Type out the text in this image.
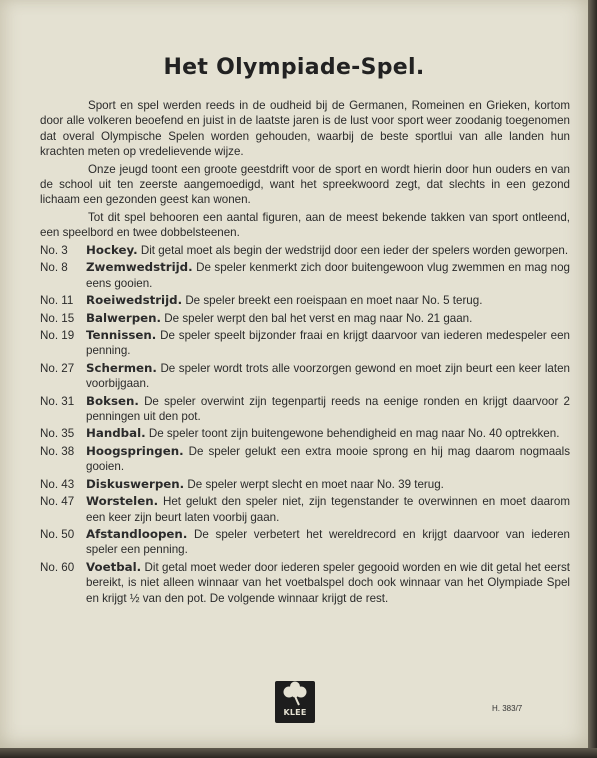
Het Olympiade-Spel.

Sport en spel werden reeds in de oudheid bij de Germanen, Romeinen en Grieken, kortom door alle volkeren beoefend en juist in de laatste jaren is de lust voor sport weer zoodanig toegenomen dat overal Olympische Spelen worden gehouden, waarbij de beste sportlui van alle landen hun krachten meten op vredelievende wijze.

Onze jeugd toont een groote geestdrift voor de sport en wordt hierin door hun ouders en van de school uit ten zeerste aangemoedigd, want het spreekwoord zegt, dat slechts in een gezond lichaam een gezonden geest kan wonen.

Tot dit spel behooren een aantal figuren, aan de meest bekende takken van sport ontleend, een speelbord en twee dobbelsteenen.

No. 3	Hockey. Dit getal moet als begin der wedstrijd door een ieder der spelers worden geworpen.
No. 8	Zwemwedstrijd. De speler kenmerkt zich door buitengewoon vlug zwemmen en mag nog eens gooien.
No. 11	Roeiwedstrijd. De speler breekt een roeispaan en moet naar No. 5 terug.
No. 15	Balwerpen. De speler werpt den bal het verst en mag naar No. 21 gaan.
No. 19	Tennissen. De speler speelt bijzonder fraai en krijgt daarvoor van iederen medespeler een penning.
No. 27	Schermen. De speler wordt trots alle voorzorgen gewond en moet zijn beurt een keer laten voorbijgaan.
No. 31	Boksen. De speler overwint zijn tegenpartij reeds na eenige ronden en krijgt daarvoor 2 penningen uit den pot.
No. 35	Handbal. De speler toont zijn buitengewone behendigheid en mag naar No. 40 optrekken.
No. 38	Hoogspringen. De speler gelukt een extra mooie sprong en hij mag daarom nogmaals gooien.
No. 43	Diskuswerpen. De speler werpt slecht en moet naar No. 39 terug.
No. 47	Worstelen. Het gelukt den speler niet, zijn tegenstander te overwinnen en moet daarom een keer zijn beurt laten voorbij gaan.
No. 50	Afstandloopen. De speler verbetert het wereldrecord en krijgt daarvoor van iederen speler een penning.
No. 60	Voetbal. Dit getal moet weder door iederen speler gegooid worden en wie dit getal het eerst bereikt, is niet alleen winnaar van het voetbalspel doch ook winnaar van het Olympiade Spel en krijgt ½ van den pot. De volgende winnaar krijgt de rest.
KLEE	H. 383/7
